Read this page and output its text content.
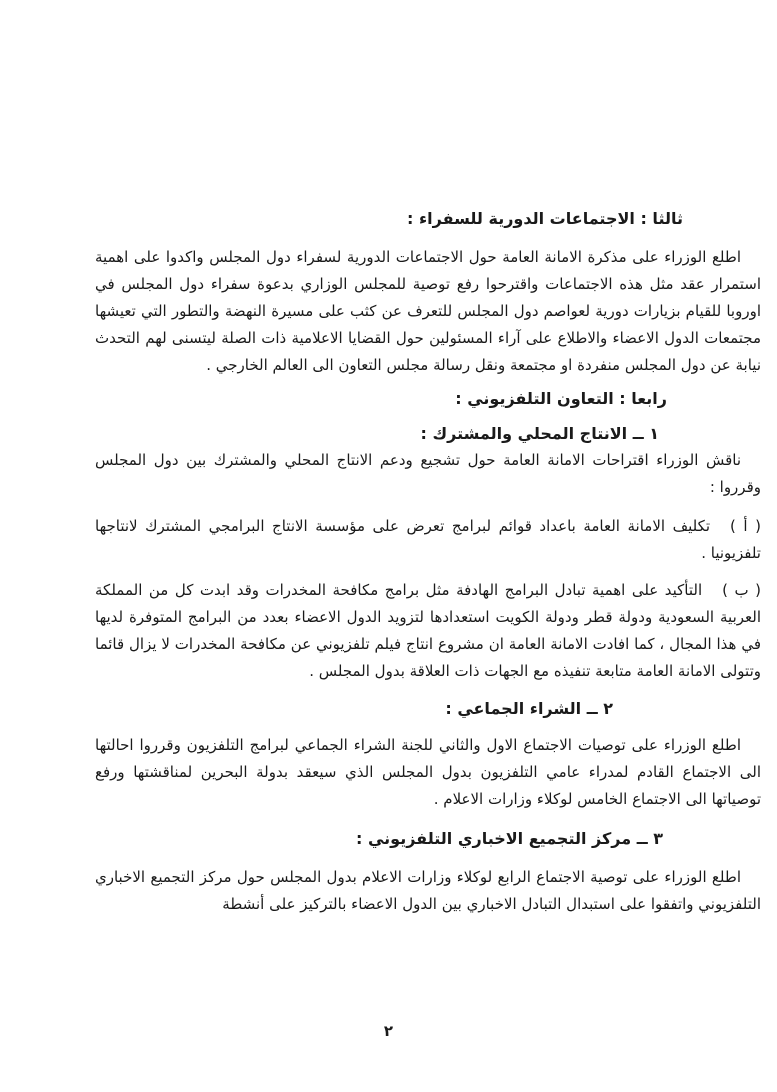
ثالثا : الاجتماعات الدورية للسفراء :

اطلع الوزراء على مذكرة الامانة العامة حول الاجتماعات الدورية لسفراء دول المجلس واكدوا على اهمية استمرار عقد مثل هذه الاجتماعات واقترحوا رفع توصية للمجلس الوزاري بدعوة سفراء دول المجلس في اوروبا للقيام بزيارات دورية لعواصم دول المجلس للتعرف عن كثب على مسيرة النهضة والتطور التي تعيشها مجتمعات الدول الاعضاء والاطلاع على آراء المسئولين حول القضايا الاعلامية ذات الصلة ليتسنى لهم التحدث نيابة عن دول المجلس منفردة او مجتمعة ونقل رسالة مجلس التعاون الى العالم الخارجي .

رابعا : التعاون التلفزيوني :
١ ــ الانتاج المحلي والمشترك :

ناقش الوزراء اقتراحات الامانة العامة حول تشجيع ودعم الانتاج المحلي والمشترك بين دول المجلس وقرروا :

( أ )تكليف الامانة العامة باعداد قوائم لبرامج تعرض على مؤسسة الانتاج البرامجي المشترك لانتاجها تلفزيونيا .

( ب )التأكيد على اهمية تبادل البرامج الهادفة مثل برامج مكافحة المخدرات وقد ابدت كل من المملكة العربية السعودية ودولة قطر ودولة الكويت استعدادها لتزويد الدول الاعضاء بعدد من البرامج المتوفرة لديها في هذا المجال ، كما افادت الامانة العامة ان مشروع انتاج فيلم تلفزيوني عن مكافحة المخدرات لا يزال قائما وتتولى الامانة العامة متابعة تنفيذه مع الجهات ذات العلاقة بدول المجلس .

٢ ــ الشراء الجماعي :

اطلع الوزراء على توصيات الاجتماع الاول والثاني للجنة الشراء الجماعي لبرامج التلفزيون وقرروا احالتها الى الاجتماع القادم لمدراء عامي التلفزيون بدول المجلس الذي سيعقد بدولة البحرين لمناقشتها ورفع توصياتها الى الاجتماع الخامس لوكلاء وزارات الاعلام .

٣ ــ مركز التجميع الاخباري التلفزيوني :

اطلع الوزراء على توصية الاجتماع الرابع لوكلاء وزارات الاعلام بدول المجلس حول مركز التجميع الاخباري التلفزيوني واتفقوا على استبدال التبادل الاخباري بين الدول الاعضاء بالتركيز على أنشطة

٢
